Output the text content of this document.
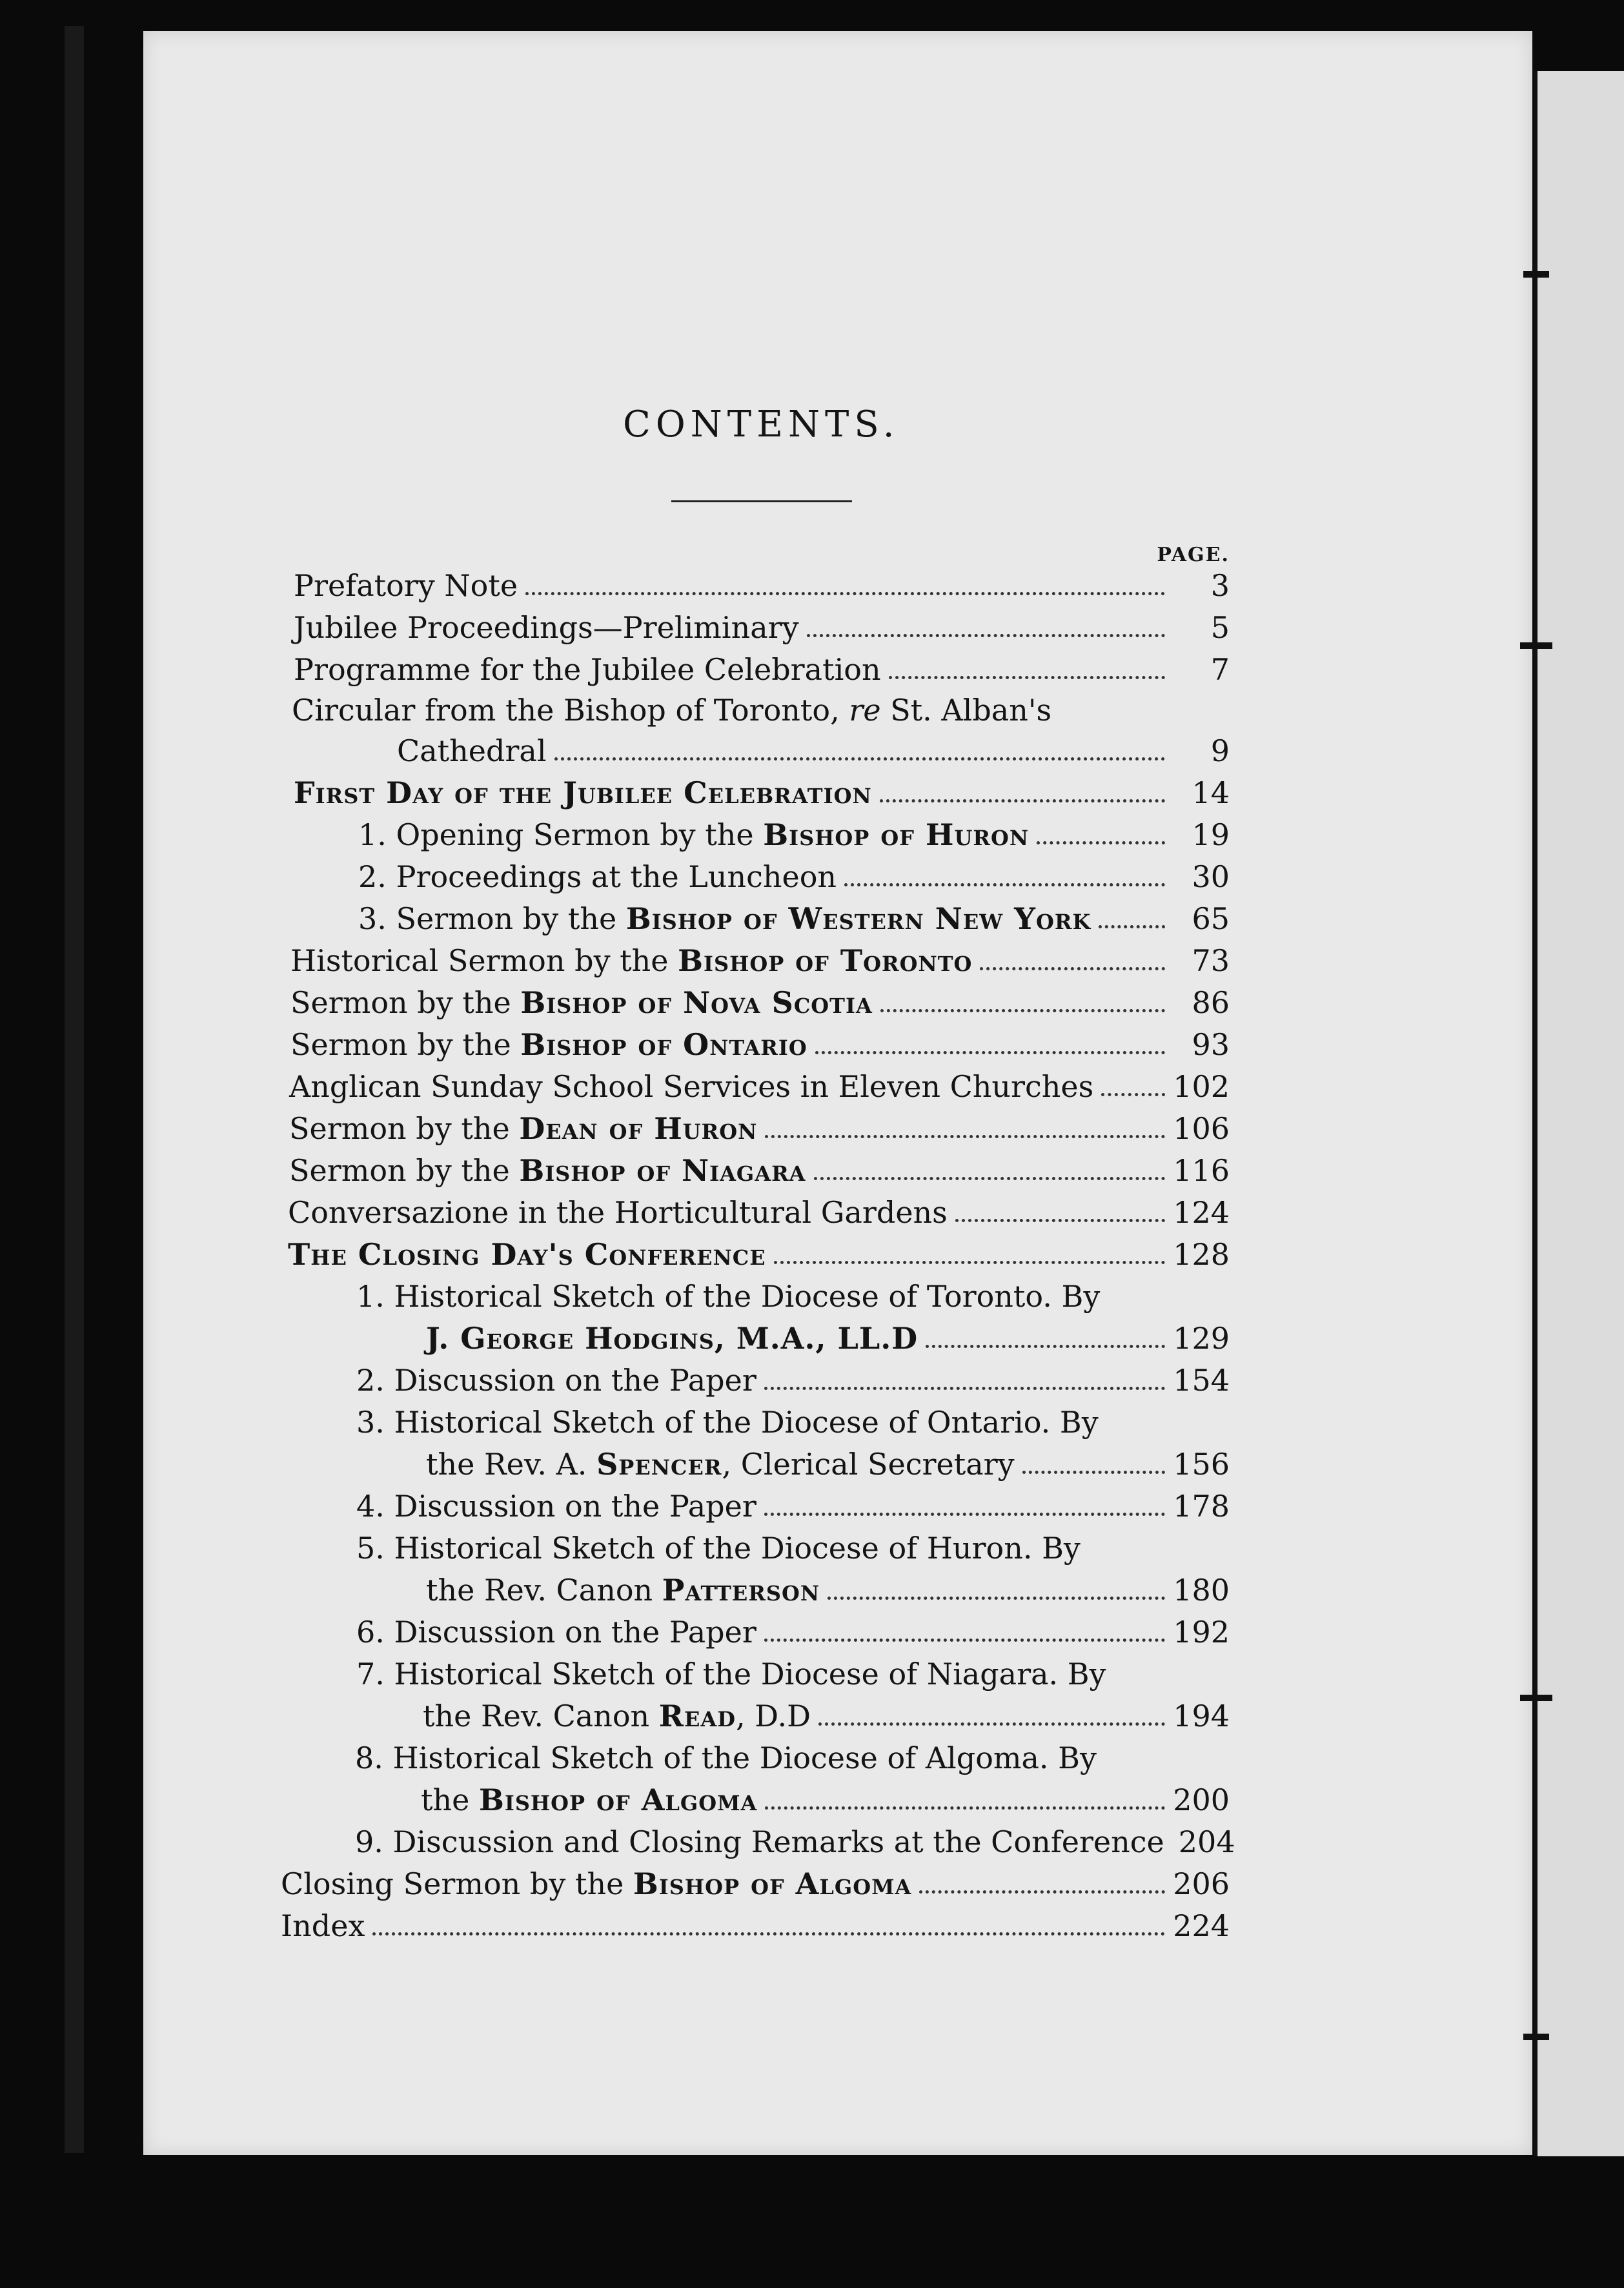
CONTENTS.
PAGE.
Prefatory Note	3
Jubilee Proceedings—Preliminary	5
Programme for the Jubilee Celebration	7
Circular from the Bishop of Toronto, re St. Alban's
Cathedral	9
First Day of the Jubilee Celebration	14
1. Opening Sermon by the Bishop of Huron	19
2. Proceedings at the Luncheon	30
3. Sermon by the Bishop of Western New York	65
Historical Sermon by the Bishop of Toronto	73
Sermon by the Bishop of Nova Scotia	86
Sermon by the Bishop of Ontario	93
Anglican Sunday School Services in Eleven Churches	102
Sermon by the Dean of Huron	106
Sermon by the Bishop of Niagara	116
Conversazione in the Horticultural Gardens	124
The Closing Day's Conference	128
1. Historical Sketch of the Diocese of Toronto. By
J. George Hodgins, M.A., LL.D	129
2. Discussion on the Paper	154
3. Historical Sketch of the Diocese of Ontario. By
the Rev. A. Spencer, Clerical Secretary	156
4. Discussion on the Paper	178
5. Historical Sketch of the Diocese of Huron. By
the Rev. Canon Patterson	180
6. Discussion on the Paper	192
7. Historical Sketch of the Diocese of Niagara. By
the Rev. Canon Read, D.D	194
8. Historical Sketch of the Diocese of Algoma. By
the Bishop of Algoma	200
9. Discussion and Closing Remarks at the Conference 204
Closing Sermon by the Bishop of Algoma	206
Index	224
